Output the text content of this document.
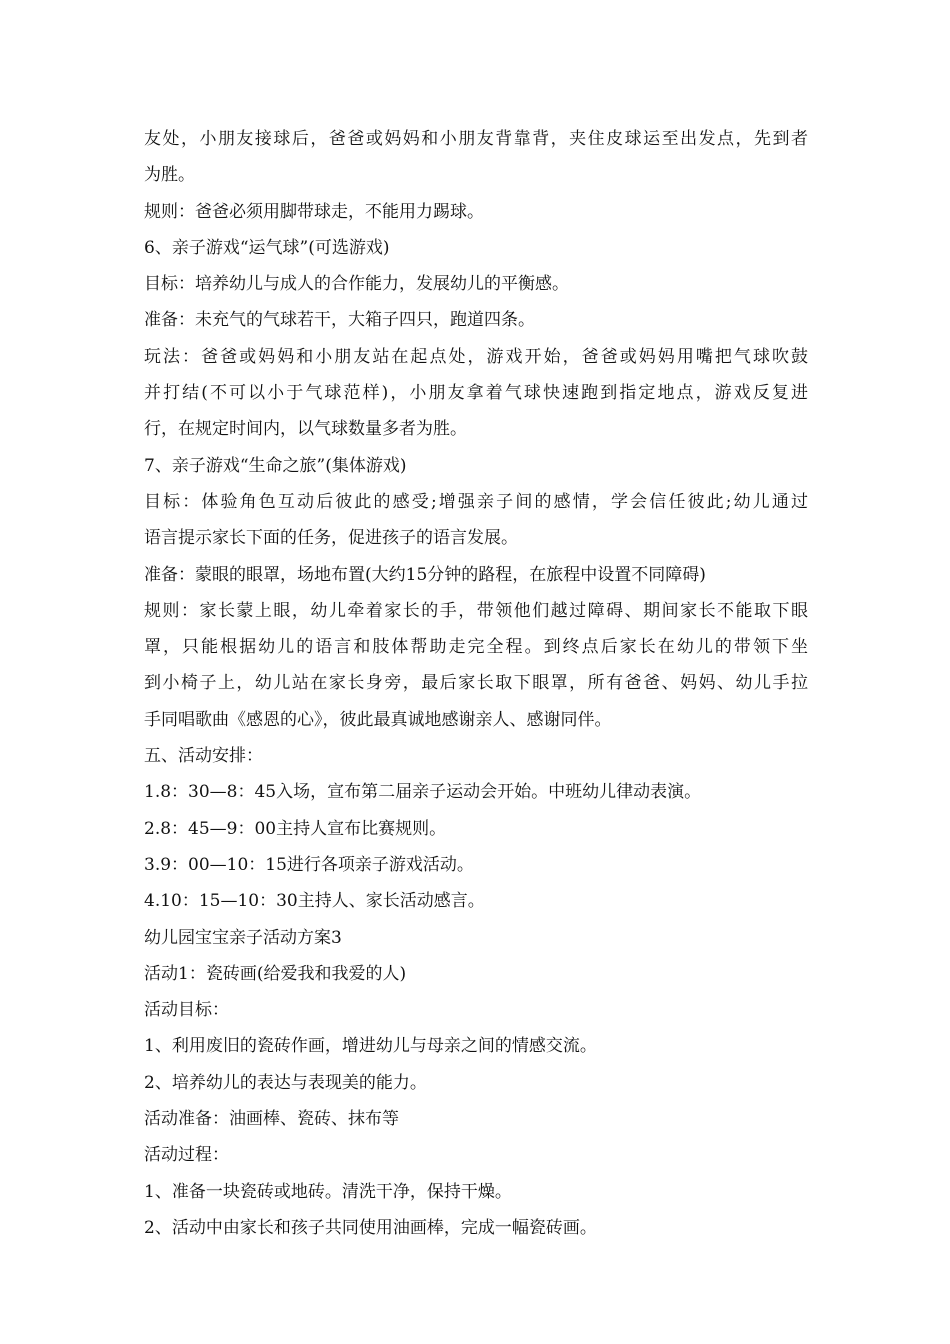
友处，小朋友接球后，爸爸或妈妈和小朋友背靠背，夹住皮球运至出发点，先到者
为胜。
规则：爸爸必须用脚带球走，不能用力踢球。
6、亲子游戏“运气球”(可选游戏)
目标：培养幼儿与成人的合作能力，发展幼儿的平衡感。
准备：未充气的气球若干，大箱子四只，跑道四条。
玩法：爸爸或妈妈和小朋友站在起点处，游戏开始，爸爸或妈妈用嘴把气球吹鼓
并打结(不可以小于气球范样)，小朋友拿着气球快速跑到指定地点，游戏反复进
行，在规定时间内，以气球数量多者为胜。
7、亲子游戏“生命之旅”(集体游戏)
目标：体验角色互动后彼此的感受;增强亲子间的感情，学会信任彼此;幼儿通过
语言提示家长下面的任务，促进孩子的语言发展。
准备：蒙眼的眼罩，场地布置(大约15分钟的路程，在旅程中设置不同障碍)
规则：家长蒙上眼，幼儿牵着家长的手，带领他们越过障碍、期间家长不能取下眼
罩，只能根据幼儿的语言和肢体帮助走完全程。到终点后家长在幼儿的带领下坐
到小椅子上，幼儿站在家长身旁，最后家长取下眼罩，所有爸爸、妈妈、幼儿手拉
手同唱歌曲《感恩的心》，彼此最真诚地感谢亲人、感谢同伴。
五、活动安排：
1.8：30—8：45入场，宣布第二届亲子运动会开始。中班幼儿律动表演。
2.8：45—9：00主持人宣布比赛规则。
3.9：00—10：15进行各项亲子游戏活动。
4.10：15—10：30主持人、家长活动感言。
幼儿园宝宝亲子活动方案3
活动1：瓷砖画(给爱我和我爱的人)
活动目标：
1、利用废旧的瓷砖作画，增进幼儿与母亲之间的情感交流。
2、培养幼儿的表达与表现美的能力。
活动准备：油画棒、瓷砖、抹布等
活动过程：
1、准备一块瓷砖或地砖。清洗干净，保持干燥。
2、活动中由家长和孩子共同使用油画棒，完成一幅瓷砖画。
